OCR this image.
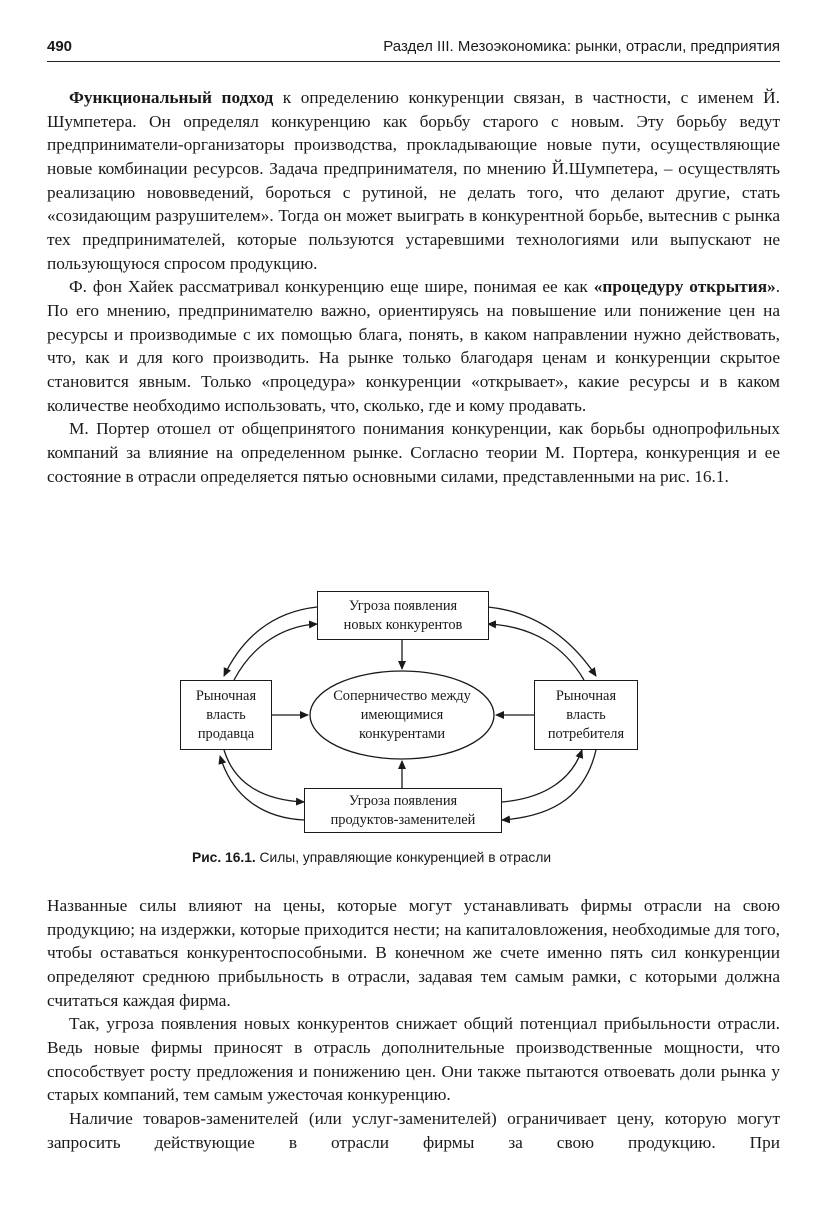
490	Раздел III. Мезоэкономика: рынки, отрасли, предприятия

Функциональный подход к определению конкуренции связан, в частности, с именем Й. Шумпетера. Он определял конкуренцию как борьбу старого с новым. Эту борьбу ведут предприниматели-организаторы производства, прокладывающие новые пути, осуществляющие новые комбинации ресурсов. Задача предпринимателя, по мнению Й.Шумпетера, – осуществлять реализацию нововведений, бороться с рутиной, не делать того, что делают другие, стать «созидающим разрушителем». Тогда он может выиграть в конкурентной борьбе, вытеснив с рынка тех предпринимателей, которые пользуются устаревшими технологиями или выпускают не пользующуюся спросом продукцию.

Ф. фон Хайек рассматривал конкуренцию еще шире, понимая ее как «процедуру открытия». По его мнению, предпринимателю важно, ориентируясь на повышение или понижение цен на ресурсы и производимые с их помощью блага, понять, в каком направлении нужно действовать, что, как и для кого производить. На рынке только благодаря ценам и конкуренции скрытое становится явным. Только «процедура» конкуренции «открывает», какие ресурсы и в каком количестве необходимо использовать, что, сколько, где и кому продавать.

М. Портер отошел от общепринятого понимания конкуренции, как борьбы однопрофильных компаний за влияние на определенном рынке. Согласно теории М. Портера, конкуренция и ее состояние в отрасли определяется пятью основными силами, представленными на рис. 16.1.

Угроза появления
новых конкурентов
Рыночная
власть
продавца
Соперничество между
имеющимися
конкурентами
Рыночная
власть
потребителя
Угроза появления
продуктов-заменителей
Рис. 16.1. Силы, управляющие конкуренцией в отрасли

Названные силы влияют на цены, которые могут устанавливать фирмы отрасли на свою продукцию; на издержки, которые приходится нести; на капиталовложения, необходимые для того, чтобы оставаться конкурентоспособными. В конечном же счете именно пять сил конкуренции определяют среднюю прибыльность в отрасли, задавая тем самым рамки, с которыми должна считаться каждая фирма.

Так, угроза появления новых конкурентов снижает общий потенциал прибыльности отрасли. Ведь новые фирмы приносят в отрасль дополнительные производственные мощности, что способствует росту предложения и понижению цен. Они также пытаются отвоевать доли рынка у старых компаний, тем самым ужесточая конкуренцию.

Наличие товаров-заменителей (или услуг-заменителей) ограничивает цену, которую могут запросить действующие в отрасли фирмы за свою продукцию. При
